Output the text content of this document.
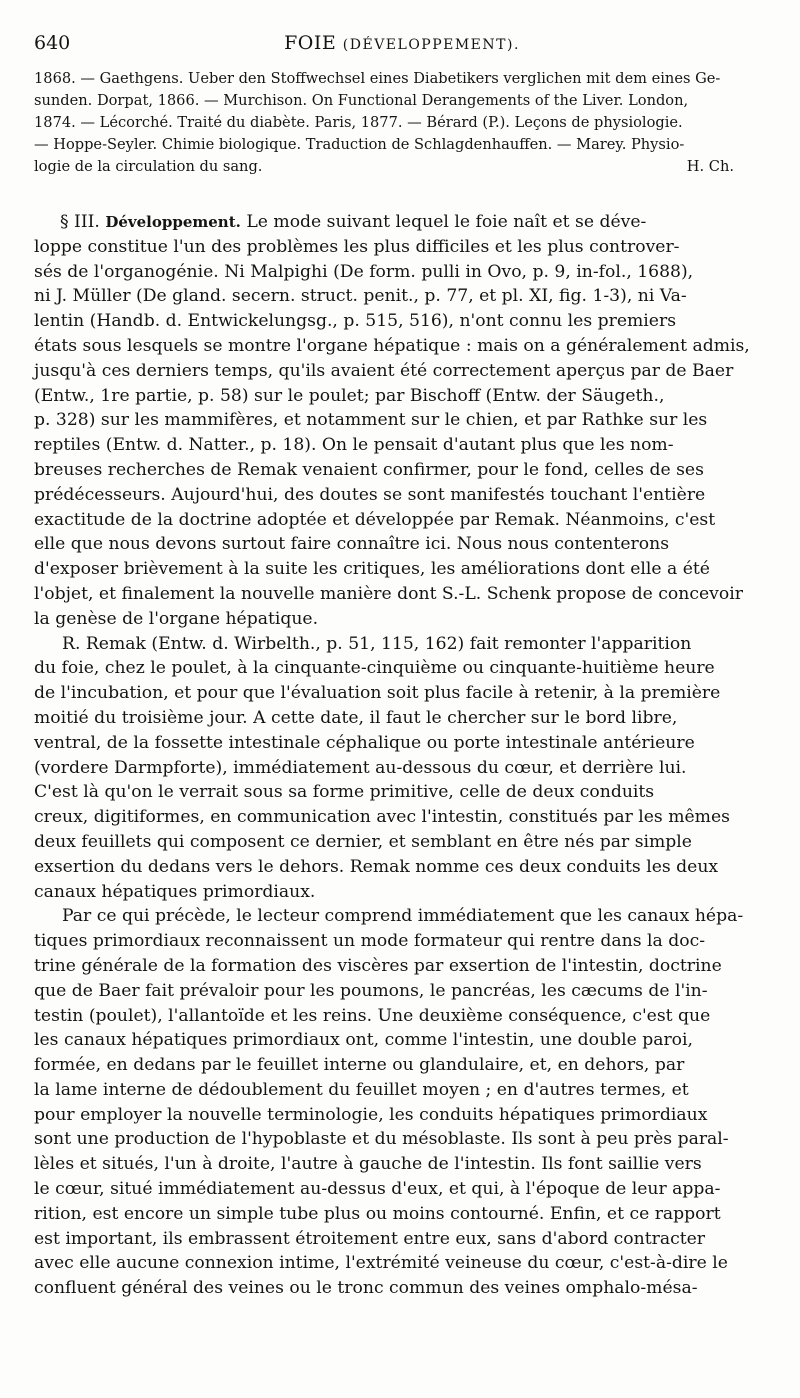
640	FOIE (DÉVELOPPEMENT).
1868. — Gaethgens. Ueber den Stoffwechsel eines Diabetikers verglichen mit dem eines Ge-
sunden. Dorpat, 1866. — Murchison. On Functional Derangements of the Liver. London,
1874. — Lécorché. Traité du diabète. Paris, 1877. — Bérard (P.). Leçons de physiologie.
— Hoppe-Seyler. Chimie biologique. Traduction de Schlagdenhauffen. — Marey. Physio-
logie de la circulation du sang.	H. Ch.
§ III. Développement. Le mode suivant lequel le foie naît et se déve-
loppe constitue l'un des problèmes les plus difficiles et les plus controver-
sés de l'organogénie. Ni Malpighi (De form. pulli in Ovo, p. 9, in-fol., 1688),
ni J. Müller (De gland. secern. struct. penit., p. 77, et pl. XI, fig. 1-3), ni Va-
lentin (Handb. d. Entwickelungsg., p. 515, 516), n'ont connu les premiers
états sous lesquels se montre l'organe hépatique : mais on a généralement admis,
jusqu'à ces derniers temps, qu'ils avaient été correctement aperçus par de Baer
(Entw., 1re partie, p. 58) sur le poulet; par Bischoff (Entw. der Säugeth.,
p. 328) sur les mammifères, et notamment sur le chien, et par Rathke sur les
reptiles (Entw. d. Natter., p. 18). On le pensait d'autant plus que les nom-
breuses recherches de Remak venaient confirmer, pour le fond, celles de ses
prédécesseurs. Aujourd'hui, des doutes se sont manifestés touchant l'entière
exactitude de la doctrine adoptée et développée par Remak. Néanmoins, c'est
elle que nous devons surtout faire connaître ici. Nous nous contenterons
d'exposer brièvement à la suite les critiques, les améliorations dont elle a été
l'objet, et finalement la nouvelle manière dont S.-L. Schenk propose de concevoir
la genèse de l'organe hépatique.
R. Remak (Entw. d. Wirbelth., p. 51, 115, 162) fait remonter l'apparition
du foie, chez le poulet, à la cinquante-cinquième ou cinquante-huitième heure
de l'incubation, et pour que l'évaluation soit plus facile à retenir, à la première
moitié du troisième jour. A cette date, il faut le chercher sur le bord libre,
ventral, de la fossette intestinale céphalique ou porte intestinale antérieure
(vordere Darmpforte), immédiatement au-dessous du cœur, et derrière lui.
C'est là qu'on le verrait sous sa forme primitive, celle de deux conduits
creux, digitiformes, en communication avec l'intestin, constitués par les mêmes
deux feuillets qui composent ce dernier, et semblant en être nés par simple
exsertion du dedans vers le dehors. Remak nomme ces deux conduits les deux
canaux hépatiques primordiaux.
Par ce qui précède, le lecteur comprend immédiatement que les canaux hépa-
tiques primordiaux reconnaissent un mode formateur qui rentre dans la doc-
trine générale de la formation des viscères par exsertion de l'intestin, doctrine
que de Baer fait prévaloir pour les poumons, le pancréas, les cæcums de l'in-
testin (poulet), l'allantoïde et les reins. Une deuxième conséquence, c'est que
les canaux hépatiques primordiaux ont, comme l'intestin, une double paroi,
formée, en dedans par le feuillet interne ou glandulaire, et, en dehors, par
la lame interne de dédoublement du feuillet moyen ; en d'autres termes, et
pour employer la nouvelle terminologie, les conduits hépatiques primordiaux
sont une production de l'hypoblaste et du mésoblaste. Ils sont à peu près paral-
lèles et situés, l'un à droite, l'autre à gauche de l'intestin. Ils font saillie vers
le cœur, situé immédiatement au-dessus d'eux, et qui, à l'époque de leur appa-
rition, est encore un simple tube plus ou moins contourné. Enfin, et ce rapport
est important, ils embrassent étroitement entre eux, sans d'abord contracter
avec elle aucune connexion intime, l'extrémité veineuse du cœur, c'est-à-dire le
confluent général des veines ou le tronc commun des veines omphalo-mésa-
